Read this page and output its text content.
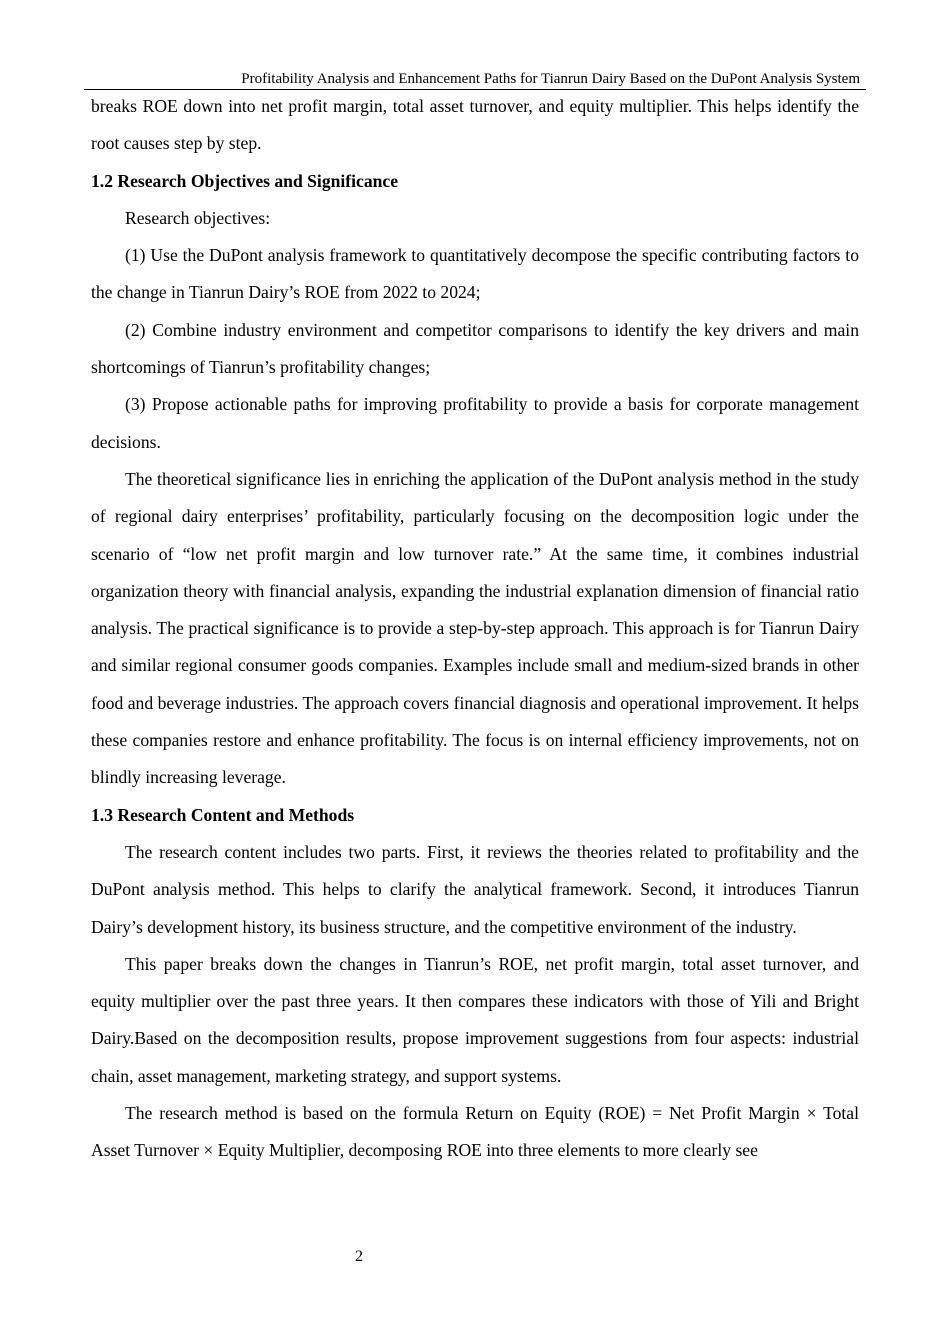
Profitability Analysis and Enhancement Paths for Tianrun Dairy Based on the DuPont Analysis System

breaks ROE down into net profit margin, total asset turnover, and equity multiplier. This helps identify the root causes step by step.

1.2 Research Objectives and Significance

Research objectives:

(1) Use the DuPont analysis framework to quantitatively decompose the specific contributing factors to the change in Tianrun Dairy’s ROE from 2022 to 2024;

(2) Combine industry environment and competitor comparisons to identify the key drivers and main shortcomings of Tianrun’s profitability changes;

(3) Propose actionable paths for improving profitability to provide a basis for corporate management decisions.

The theoretical significance lies in enriching the application of the DuPont analysis method in the study of regional dairy enterprises’ profitability, particularly focusing on the decomposition logic under the scenario of “low net profit margin and low turnover rate.” At the same time, it combines industrial organization theory with financial analysis, expanding the industrial explanation dimension of financial ratio analysis. The practical significance is to provide a step-by-step approach. This approach is for Tianrun Dairy and similar regional consumer goods companies. Examples include small and medium-sized brands in other food and beverage industries. The approach covers financial diagnosis and operational improvement. It helps these companies restore and enhance profitability. The focus is on internal efficiency improvements, not on blindly increasing leverage.

1.3 Research Content and Methods

The research content includes two parts. First, it reviews the theories related to profitability and the DuPont analysis method. This helps to clarify the analytical framework. Second, it introduces Tianrun Dairy’s development history, its business structure, and the competitive environment of the industry.

This paper breaks down the changes in Tianrun’s ROE, net profit margin, total asset turnover, and equity multiplier over the past three years. It then compares these indicators with those of Yili and Bright Dairy.Based on the decomposition results, propose improvement suggestions from four aspects: industrial chain, asset management, marketing strategy, and support systems.

The research method is based on the formula Return on Equity (ROE) = Net Profit Margin × Total Asset Turnover × Equity Multiplier, decomposing ROE into three elements to more clearly see

2
